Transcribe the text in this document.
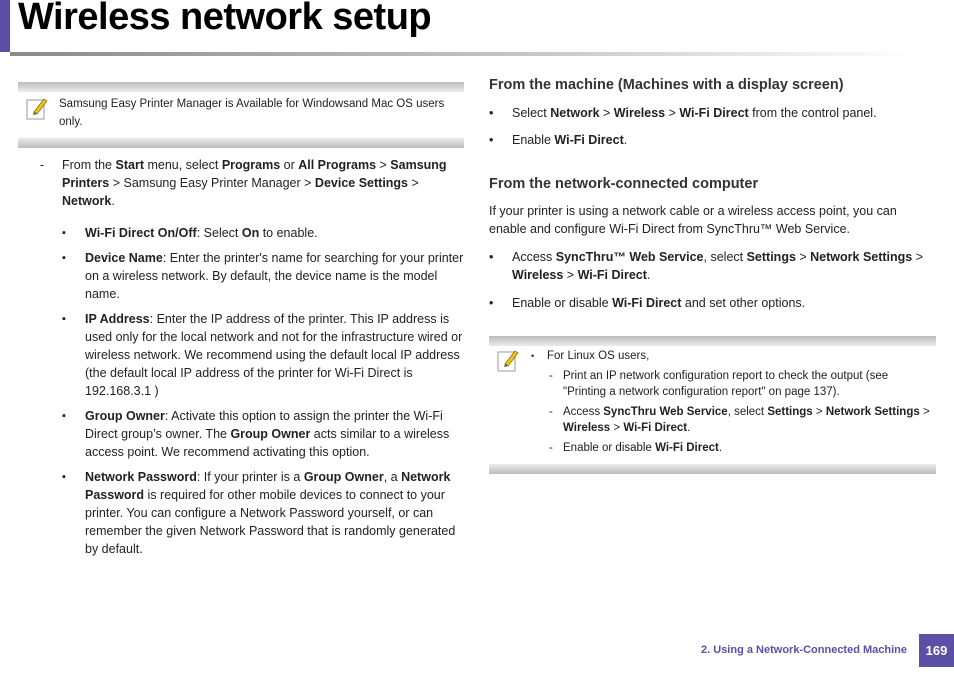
Wireless network setup
Samsung Easy Printer Manager is Available for Windowsand Mac OS users only.
- From the Start menu, select Programs or All Programs > Samsung Printers > Samsung Easy Printer Manager > Device Settings > Network.
▪ Wi-Fi Direct On/Off: Select On to enable.
▪ Device Name: Enter the printer's name for searching for your printer on a wireless network. By default, the device name is the model name.
▪ IP Address: Enter the IP address of the printer. This IP address is used only for the local network and not for the infrastructure wired or wireless network. We recommend using the default local IP address (the default local IP address of the printer for Wi-Fi Direct is 192.168.3.1 )
▪ Group Owner: Activate this option to assign the printer the Wi-Fi Direct group’s owner. The Group Owner acts similar to a wireless access point. We recommend activating this option.
▪ Network Password: If your printer is a Group Owner, a Network Password is required for other mobile devices to connect to your printer. You can configure a Network Password yourself, or can remember the given Network Password that is randomly generated by default.
From the machine (Machines with a display screen)
• Select Network > Wireless > Wi-Fi Direct from the control panel.
• Enable Wi-Fi Direct.
From the network-connected computer
If your printer is using a network cable or a wireless access point, you can enable and configure Wi-Fi Direct from SyncThru™ Web Service.
• Access SyncThru™ Web Service, select Settings > Network Settings > Wireless > Wi-Fi Direct.
• Enable or disable Wi-Fi Direct and set other options.
• For Linux OS users,
- Print an IP network configuration report to check the output (see "Printing a network configuration report" on page 137).
- Access SyncThru Web Service, select Settings > Network Settings > Wireless > Wi-Fi Direct.
- Enable or disable Wi-Fi Direct.
2. Using a Network-Connected Machine	169
